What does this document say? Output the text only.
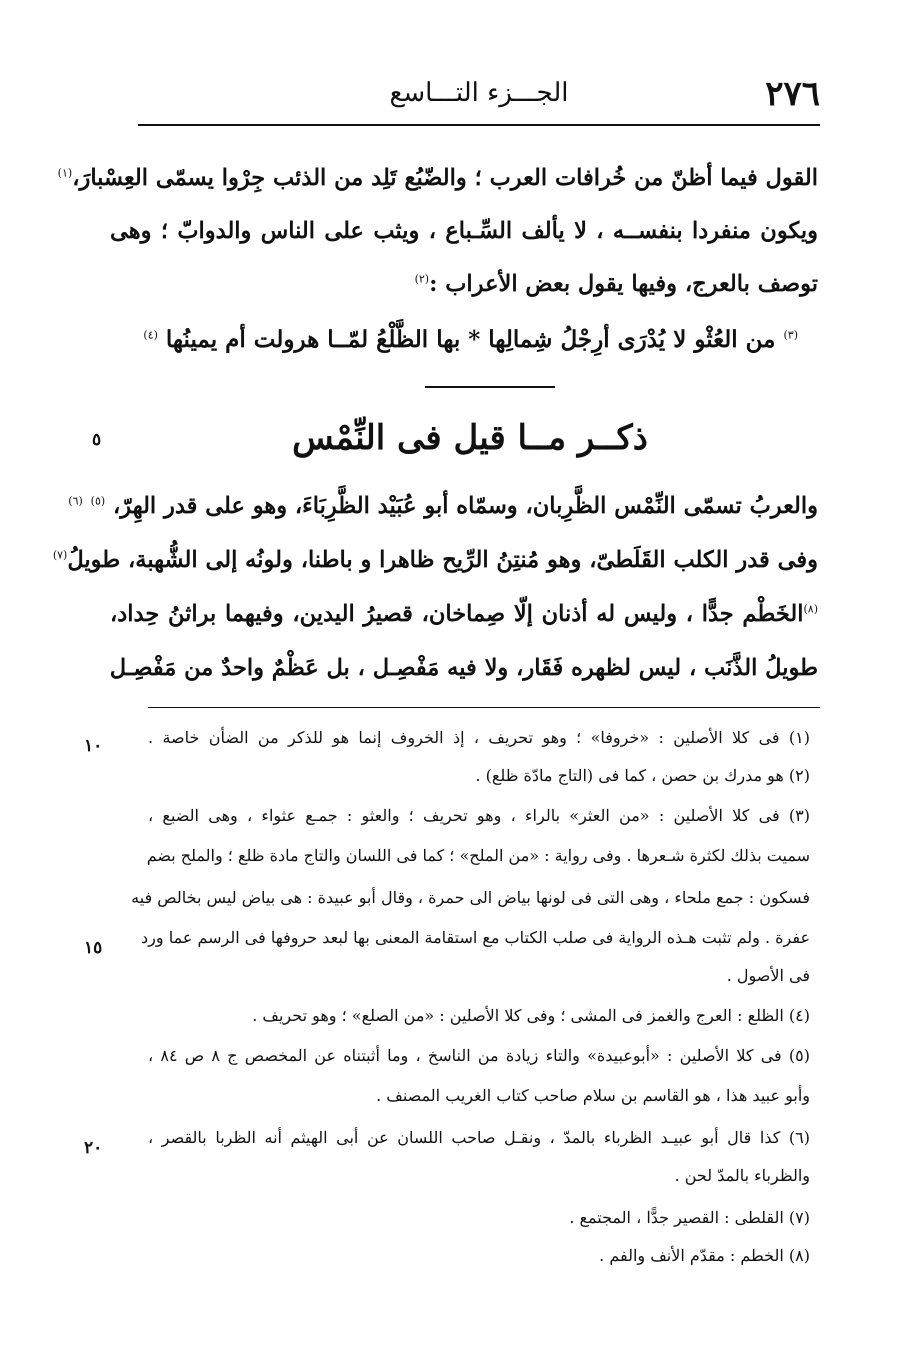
٢٧٦
الجـــزء التـــاسع
القول فيما أظنّ من خُرافات العرب ؛ والضّبُع تَلِد من الذئب جِرْوا يسمّى العِسْبارَ،$^{(١)}$
ويكون منفردا بنفســه ، لا يألف السِّـباع ، ويثب على الناس والدوابّ ؛ وهى
توصف بالعرج، وفيها يقول بعض الأعراب :$^{(٢)}$
$^{(٣)}$ من العُثْو لا يُدْرَى أرِجْلُ شِمالِها * بها الظَّلْعُ لمّــا هرولت أم يمينُها $^{(٤)}$
ذكــر مــا قيل فى النِّمْس
٥
والعربُ تسمّى النِّمْس الظَّرِبان، وسمّاه أبو عُبَيْد الظَّرِبَاءَ، وهو على قدر الهِرّ، $^{(٥)}$ $^{(٦)}$
وفى قدر الكلب القَلَطىّ، وهو مُنتِنُ الرِّيح ظاهرا و باطنا، ولونُه إلى الشُّهبة، طويلُ$^{(٧)}$
$^{(٨)}$الخَطْم جدًّا ، وليس له أذنان إلّا صِماخان، قصيرُ اليدين، وفيهما براثنُ حِداد،
طويلُ الذَّنَب ، ليس لظهره فَقَار، ولا فيه مَفْصِـل ، بل عَظْمٌ واحدٌ من مَفْصِـل
(١) فى كلا الأصلين : «خروفا» ؛ وهو تحريف ، إذ الخروف إنما هو للذكر من الضأن خاصة .
١٠
(٢) هو مدرك بن حصن ، كما فى (التاج مادّة ظلع) .
(٣) فى كلا الأصلين : «من العثر» بالراء ، وهو تحريف ؛ والعثو : جمـع عثواء ، وهى الضبع ،
سميت بذلك لكثرة شـعرها . وفى رواية : «من الملح» ؛ كما فى اللسان والتاج مادة ظلع ؛ والملح بضم
فسكون : جمع ملحاء ، وهى التى فى لونها بياض الى حمرة ، وقال أبو عبيدة : هى بياض ليس بخالص فيه
عفرة . ولم تثبت هـذه الرواية فى صلب الكتاب مع استقامة المعنى بها لبعد حروفها فى الرسم عما ورد
١٥
فى الأصول .
(٤) الظلع : العرج والغمز فى المشى ؛ وفى كلا الأصلين : «من الصلع» ؛ وهو تحريف .
(٥) فى كلا الأصلين : «أبوعبيدة» والتاء زيادة من الناسخ ، وما أثبتناه عن المخصص ج ٨ ص ٨٤ ،
وأبو عبيد هذا ، هو القاسم بن سلام صاحب كتاب الغريب المصنف .
(٦) كذا قال أبو عبيـد الظرباء بالمدّ ، ونقـل صاحب اللسان عن أبى الهيثم أنه الظربا بالقصر ،
٢٠
والظرباء بالمدّ لحن .
(٧) القلطى : القصير جدًّا ، المجتمع .
(٨) الخطم : مقدّم الأنف والفم .
